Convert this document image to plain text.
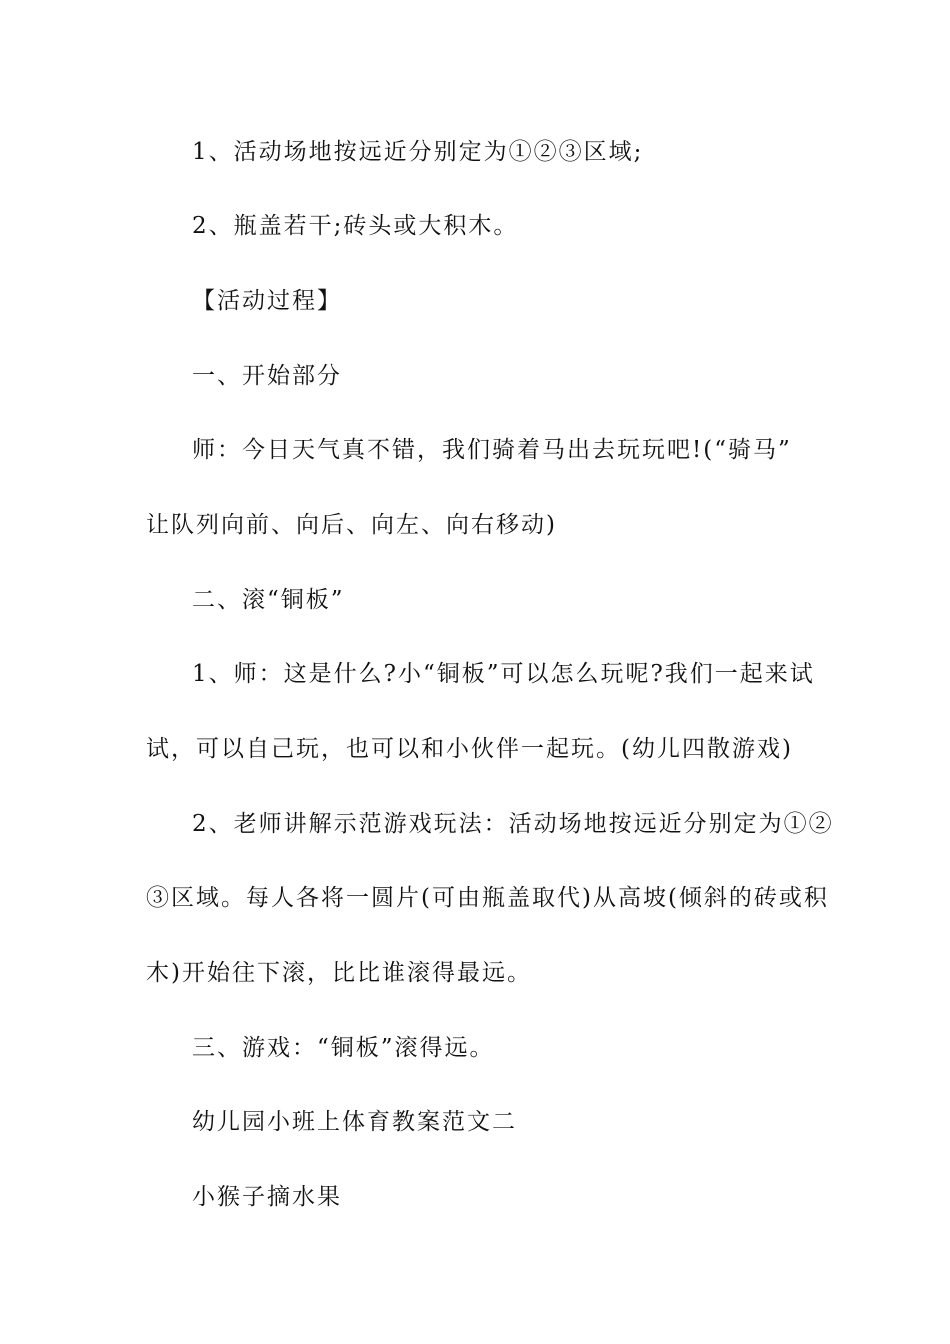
1、活动场地按远近分别定为①②③区域;
2、瓶盖若干;砖头或大积木。
【活动过程】
一、开始部分
师：今日天气真不错，我们骑着马出去玩玩吧!(“骑马”
让队列向前、向后、向左、向右移动)
二、滚“铜板”
1、师：这是什么?小“铜板”可以怎么玩呢?我们一起来试
试，可以自己玩，也可以和小伙伴一起玩。(幼儿四散游戏)
2、老师讲解示范游戏玩法：活动场地按远近分别定为①②
③区域。每人各将一圆片(可由瓶盖取代)从高坡(倾斜的砖或积
木)开始往下滚，比比谁滚得最远。
三、游戏：“铜板”滚得远。
幼儿园小班上体育教案范文二
小猴子摘水果
